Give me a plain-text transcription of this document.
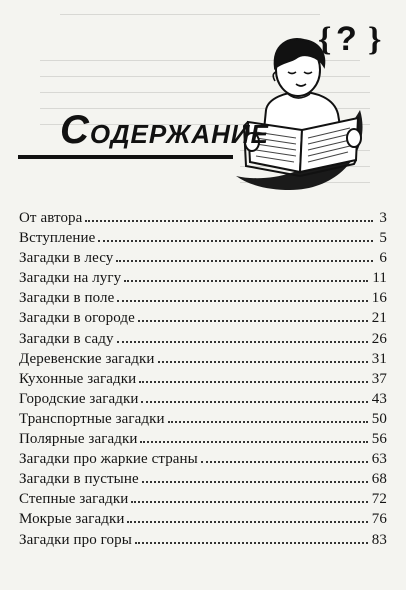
{ }
?
СОДЕРЖАНИЕ
От автора	3
Вступление	5
Загадки в лесу	6
Загадки на лугу	11
Загадки в поле	16
Загадки в огороде	21
Загадки в саду	26
Деревенские загадки	31
Кухонные загадки	37
Городские загадки	43
Транспортные загадки	50
Полярные загадки	56
Загадки про жаркие страны	63
Загадки в пустыне	68
Степные загадки	72
Мокрые загадки	76
Загадки про горы	83
